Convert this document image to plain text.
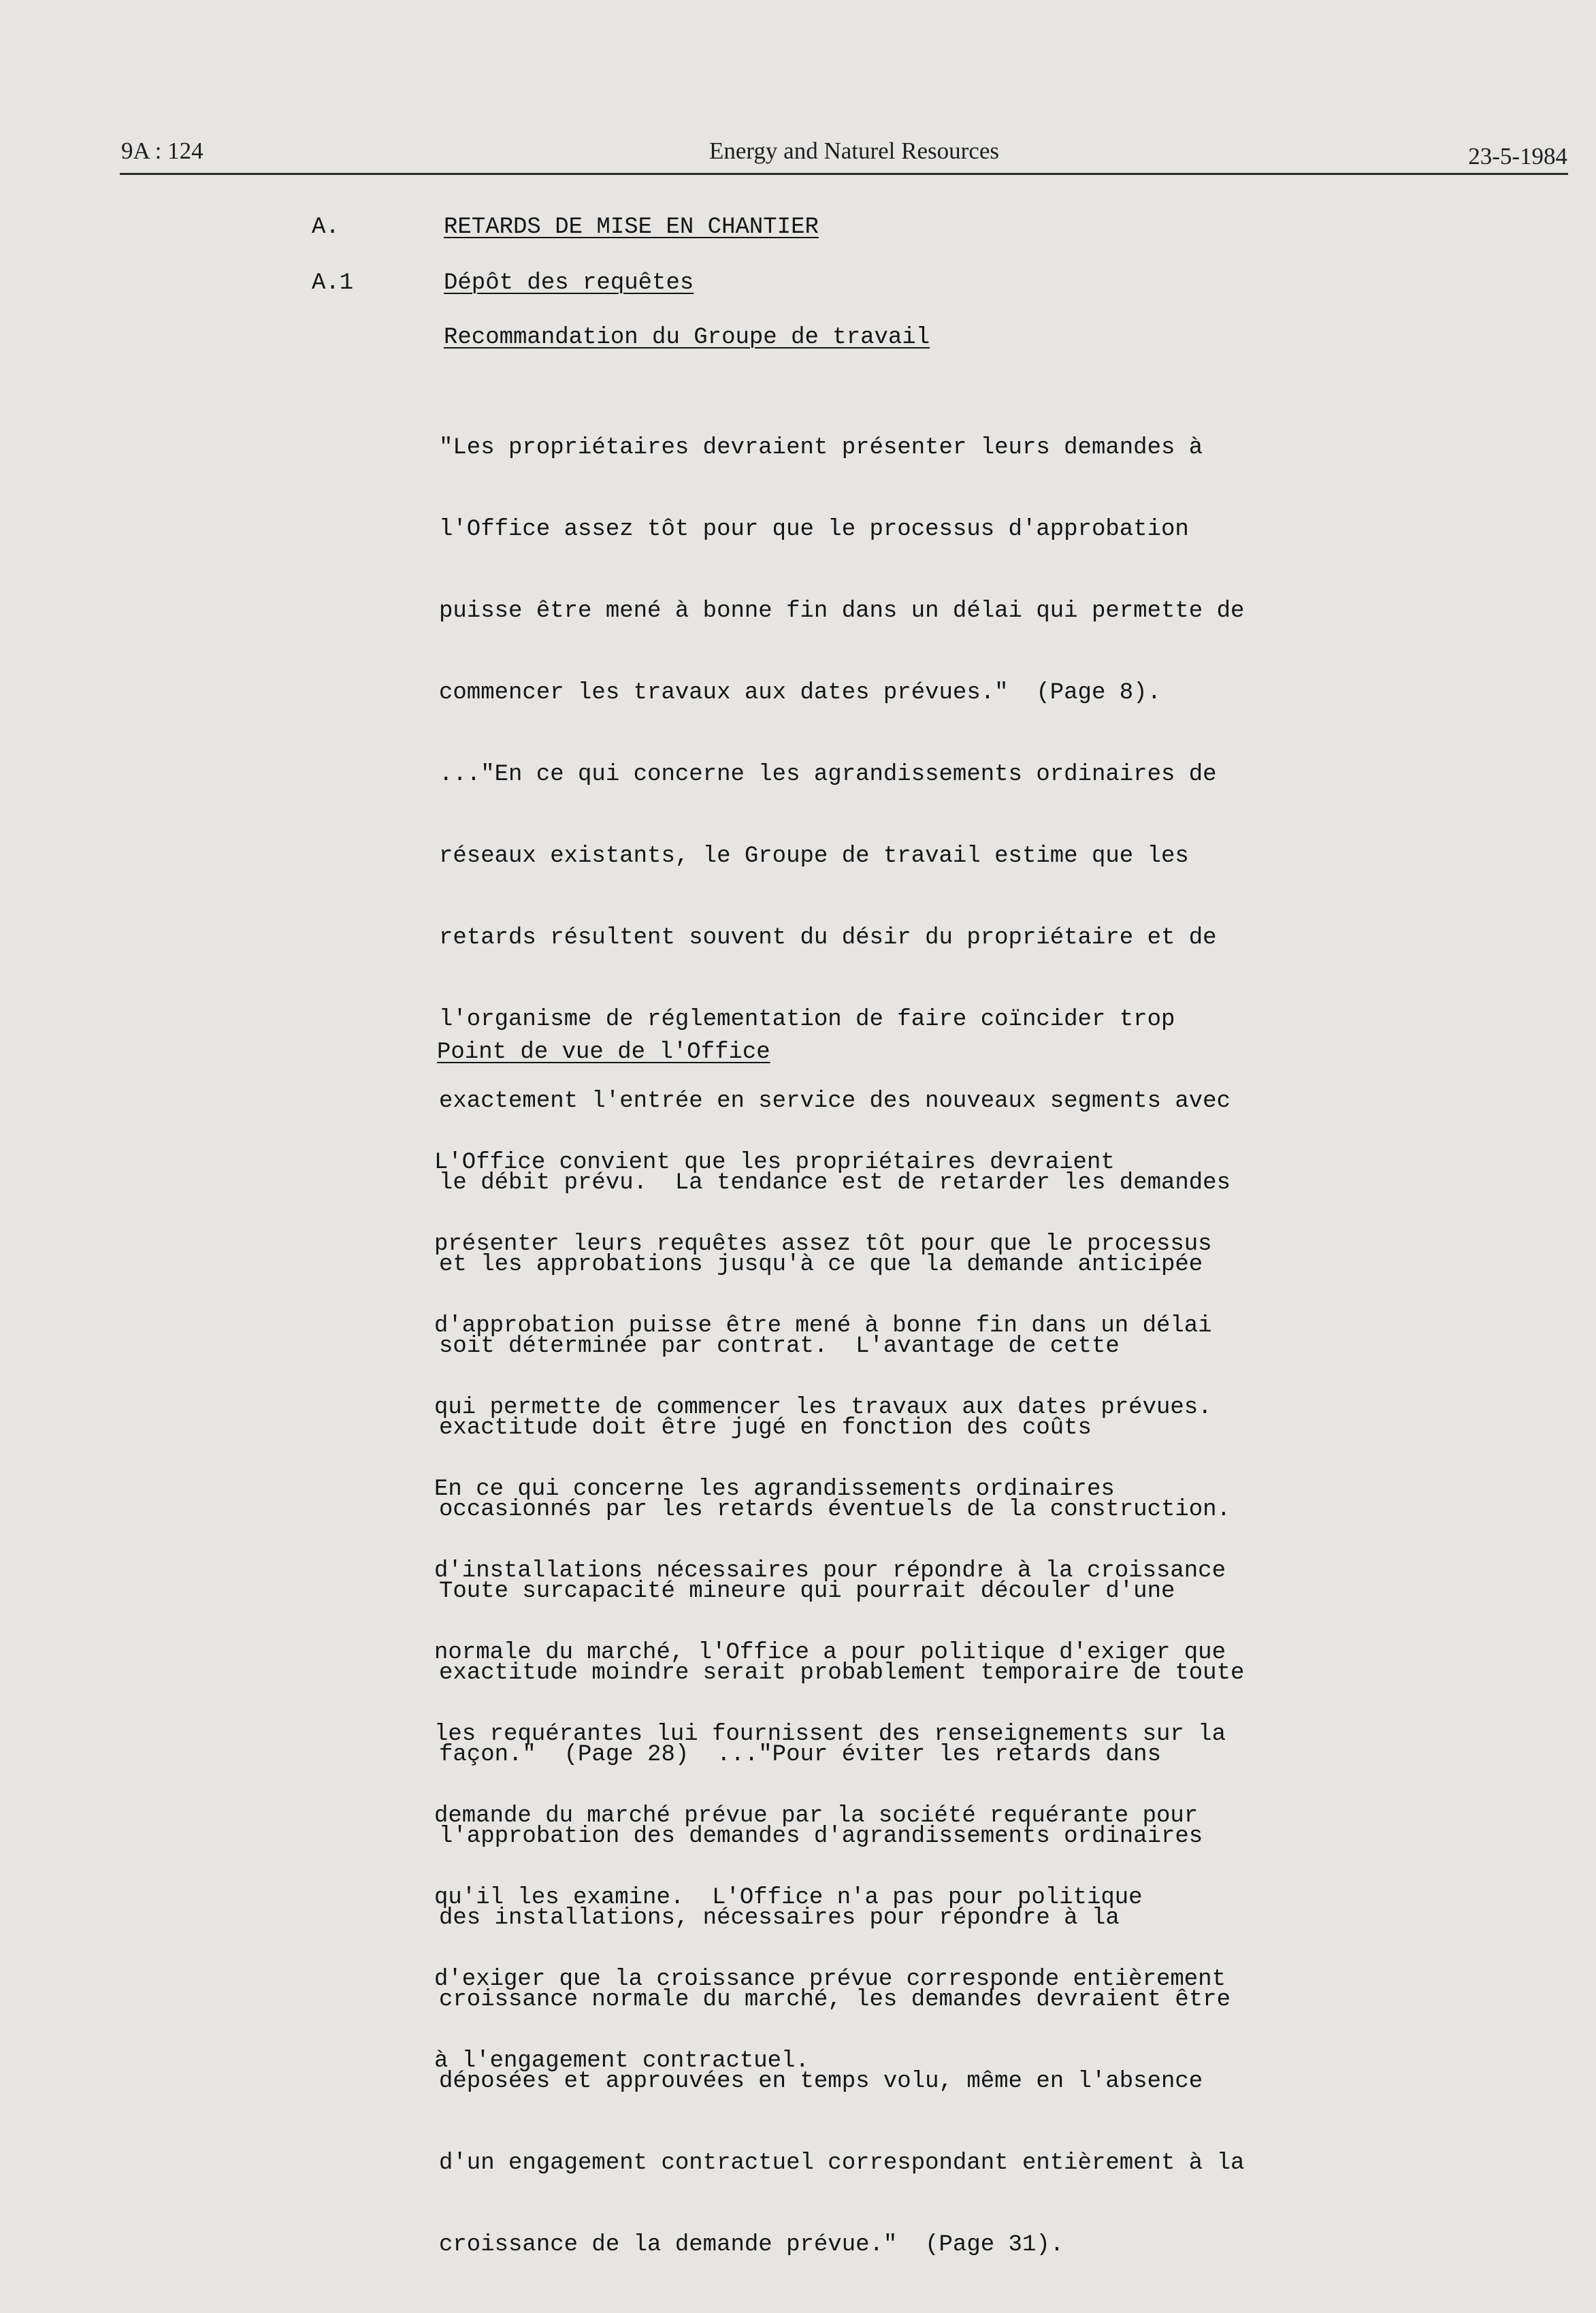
9A : 124	Energy and Naturel Resources	23-5-1984
A.	RETARDS DE MISE EN CHANTIER
A.1	Dépôt des requêtes
Recommandation du Groupe de travail

"Les propriétaires devraient présenter leurs demandes à

l'Office assez tôt pour que le processus d'approbation

puisse être mené à bonne fin dans un délai qui permette de

commencer les travaux aux dates prévues."  (Page 8).

..."En ce qui concerne les agrandissements ordinaires de

réseaux existants, le Groupe de travail estime que les

retards résultent souvent du désir du propriétaire et de

l'organisme de réglementation de faire coïncider trop

exactement l'entrée en service des nouveaux segments avec

le débit prévu.  La tendance est de retarder les demandes

et les approbations jusqu'à ce que la demande anticipée

soit déterminée par contrat.  L'avantage de cette

exactitude doit être jugé en fonction des coûts

occasionnés par les retards éventuels de la construction.

Toute surcapacité mineure qui pourrait découler d'une

exactitude moindre serait probablement temporaire de toute

façon."  (Page 28)  ..."Pour éviter les retards dans

l'approbation des demandes d'agrandissements ordinaires

des installations, nécessaires pour répondre à la

croissance normale du marché, les demandes devraient être

déposées et approuvées en temps volu, même en l'absence

d'un engagement contractuel correspondant entièrement à la

croissance de la demande prévue."  (Page 31).

Point de vue de l'Office

L'Office convient que les propriétaires devraient

présenter leurs requêtes assez tôt pour que le processus

d'approbation puisse être mené à bonne fin dans un délai

qui permette de commencer les travaux aux dates prévues.

En ce qui concerne les agrandissements ordinaires

d'installations nécessaires pour répondre à la croissance

normale du marché, l'Office a pour politique d'exiger que

les requérantes lui fournissent des renseignements sur la

demande du marché prévue par la société requérante pour

qu'il les examine.  L'Office n'a pas pour politique

d'exiger que la croissance prévue corresponde entièrement

à l'engagement contractuel.
